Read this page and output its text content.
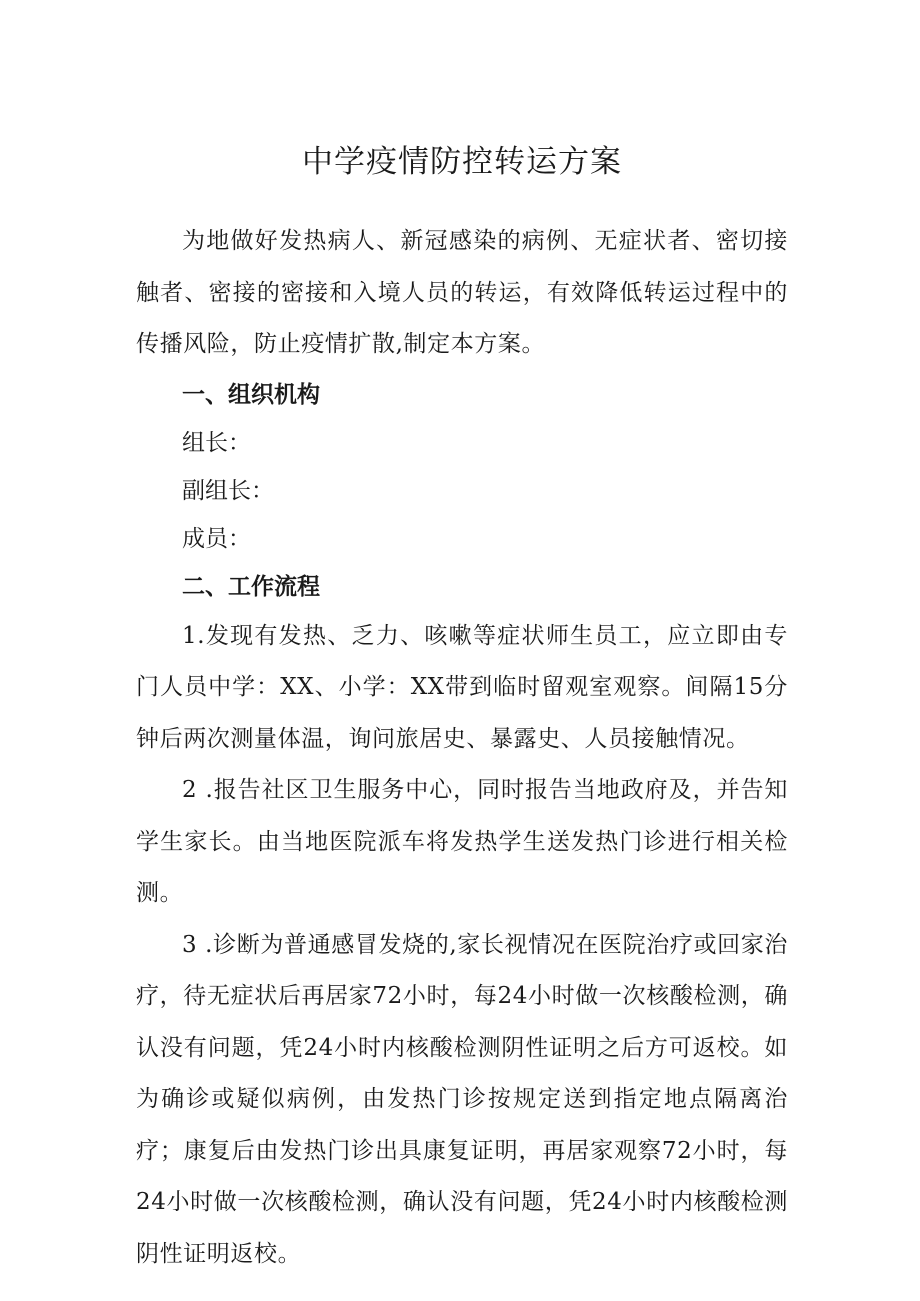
中学疫情防控转运方案

为地做好发热病人、新冠感染的病例、无症状者、密切接触者、密接的密接和入境人员的转运，有效降低转运过程中的传播风险，防止疫情扩散,制定本方案。

一、组织机构
组长：
副组长：
成员：
二、工作流程

1.发现有发热、乏力、咳嗽等症状师生员工，应立即由专门人员中学：XX、小学：XX带到临时留观室观察。间隔15分钟后两次测量体温，询问旅居史、暴露史、人员接触情况。

2 .报告社区卫生服务中心，同时报告当地政府及，并告知学生家长。由当地医院派车将发热学生送发热门诊进行相关检测。

3 .诊断为普通感冒发烧的,家长视情况在医院治疗或回家治疗，待无症状后再居家72小时，每24小时做一次核酸检测，确认没有问题，凭24小时内核酸检测阴性证明之后方可返校。如为确诊或疑似病例，由发热门诊按规定送到指定地点隔离治疗；康复后由发热门诊出具康复证明，再居家观察72小时，每24小时做一次核酸检测，确认没有问题，凭24小时内核酸检测阴性证明返校。
